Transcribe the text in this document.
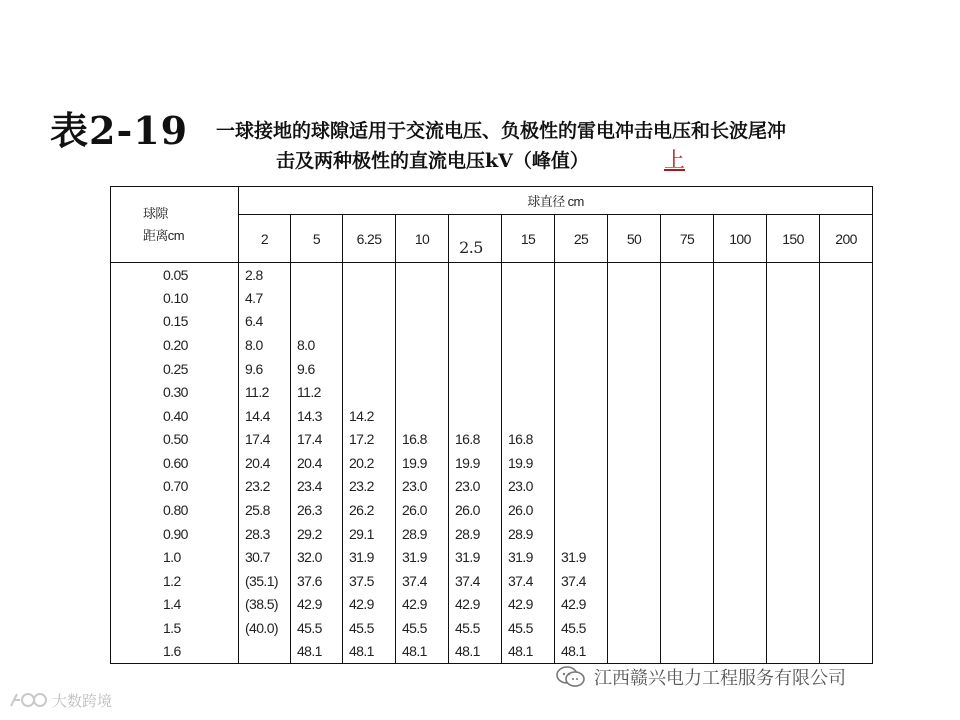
表2-19 一球接地的球隙适用于交流电压、负极性的雷电冲击电压和长波尾冲
击及两种极性的直流电压kV（峰值）	上
球隙
距离cm	球直径 cm											
	2	5	6.25	10	2.5	15	25	50	75	100	150	200
0.05	2.8											
0.10	4.7											
0.15	6.4											
0.20	8.0	8.0										
0.25	9.6	9.6										
0.30	11.2	11.2										
0.40	14.4	14.3	14.2									
0.50	17.4	17.4	17.2	16.8	16.8	16.8						
0.60	20.4	20.4	20.2	19.9	19.9	19.9						
0.70	23.2	23.4	23.2	23.0	23.0	23.0						
0.80	25.8	26.3	26.2	26.0	26.0	26.0						
0.90	28.3	29.2	29.1	28.9	28.9	28.9						
1.0	30.7	32.0	31.9	31.9	31.9	31.9	31.9					
1.2	(35.1)	37.6	37.5	37.4	37.4	37.4	37.4					
1.4	(38.5)	42.9	42.9	42.9	42.9	42.9	42.9					
1.5	(40.0)	45.5	45.5	45.5	45.5	45.5	45.5					
1.6		48.1	48.1	48.1	48.1	48.1	48.1					
江西赣兴电力工程服务有限公司
大数跨境
